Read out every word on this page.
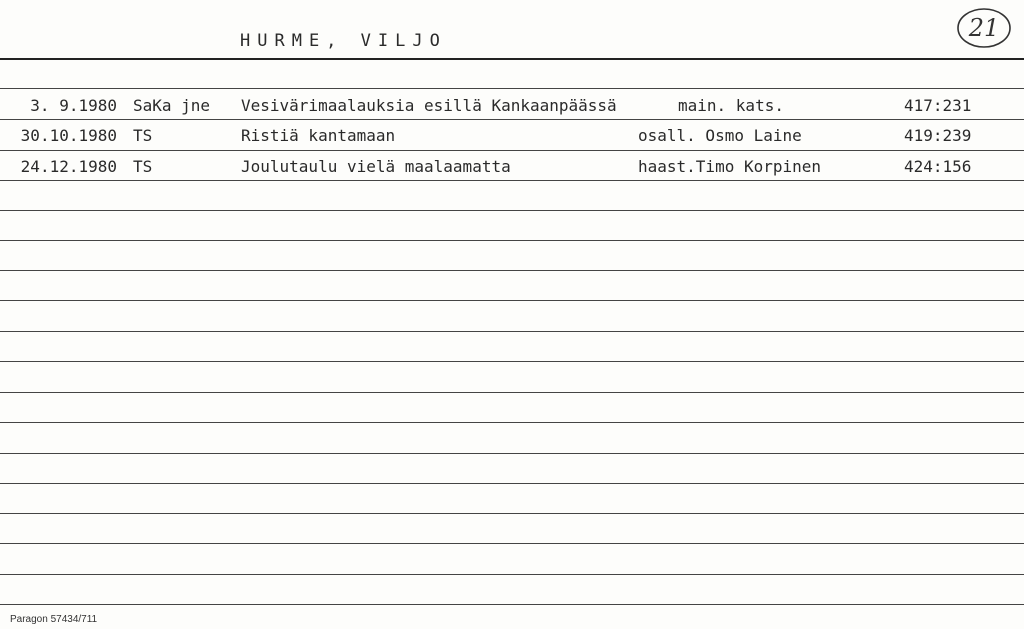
HURME, VILJO	21
3. 9.1980 SaKa jne Vesivärimaalauksia esillä Kankaanpäässä	main. kats.	417:231
30.10.1980 TS	Ristiä kantamaan	osall. Osmo Laine	419:239
24.12.1980 TS	Joulutaulu vielä maalaamatta	haast.Timo Korpinen	424:156
Paragon 57434/711
